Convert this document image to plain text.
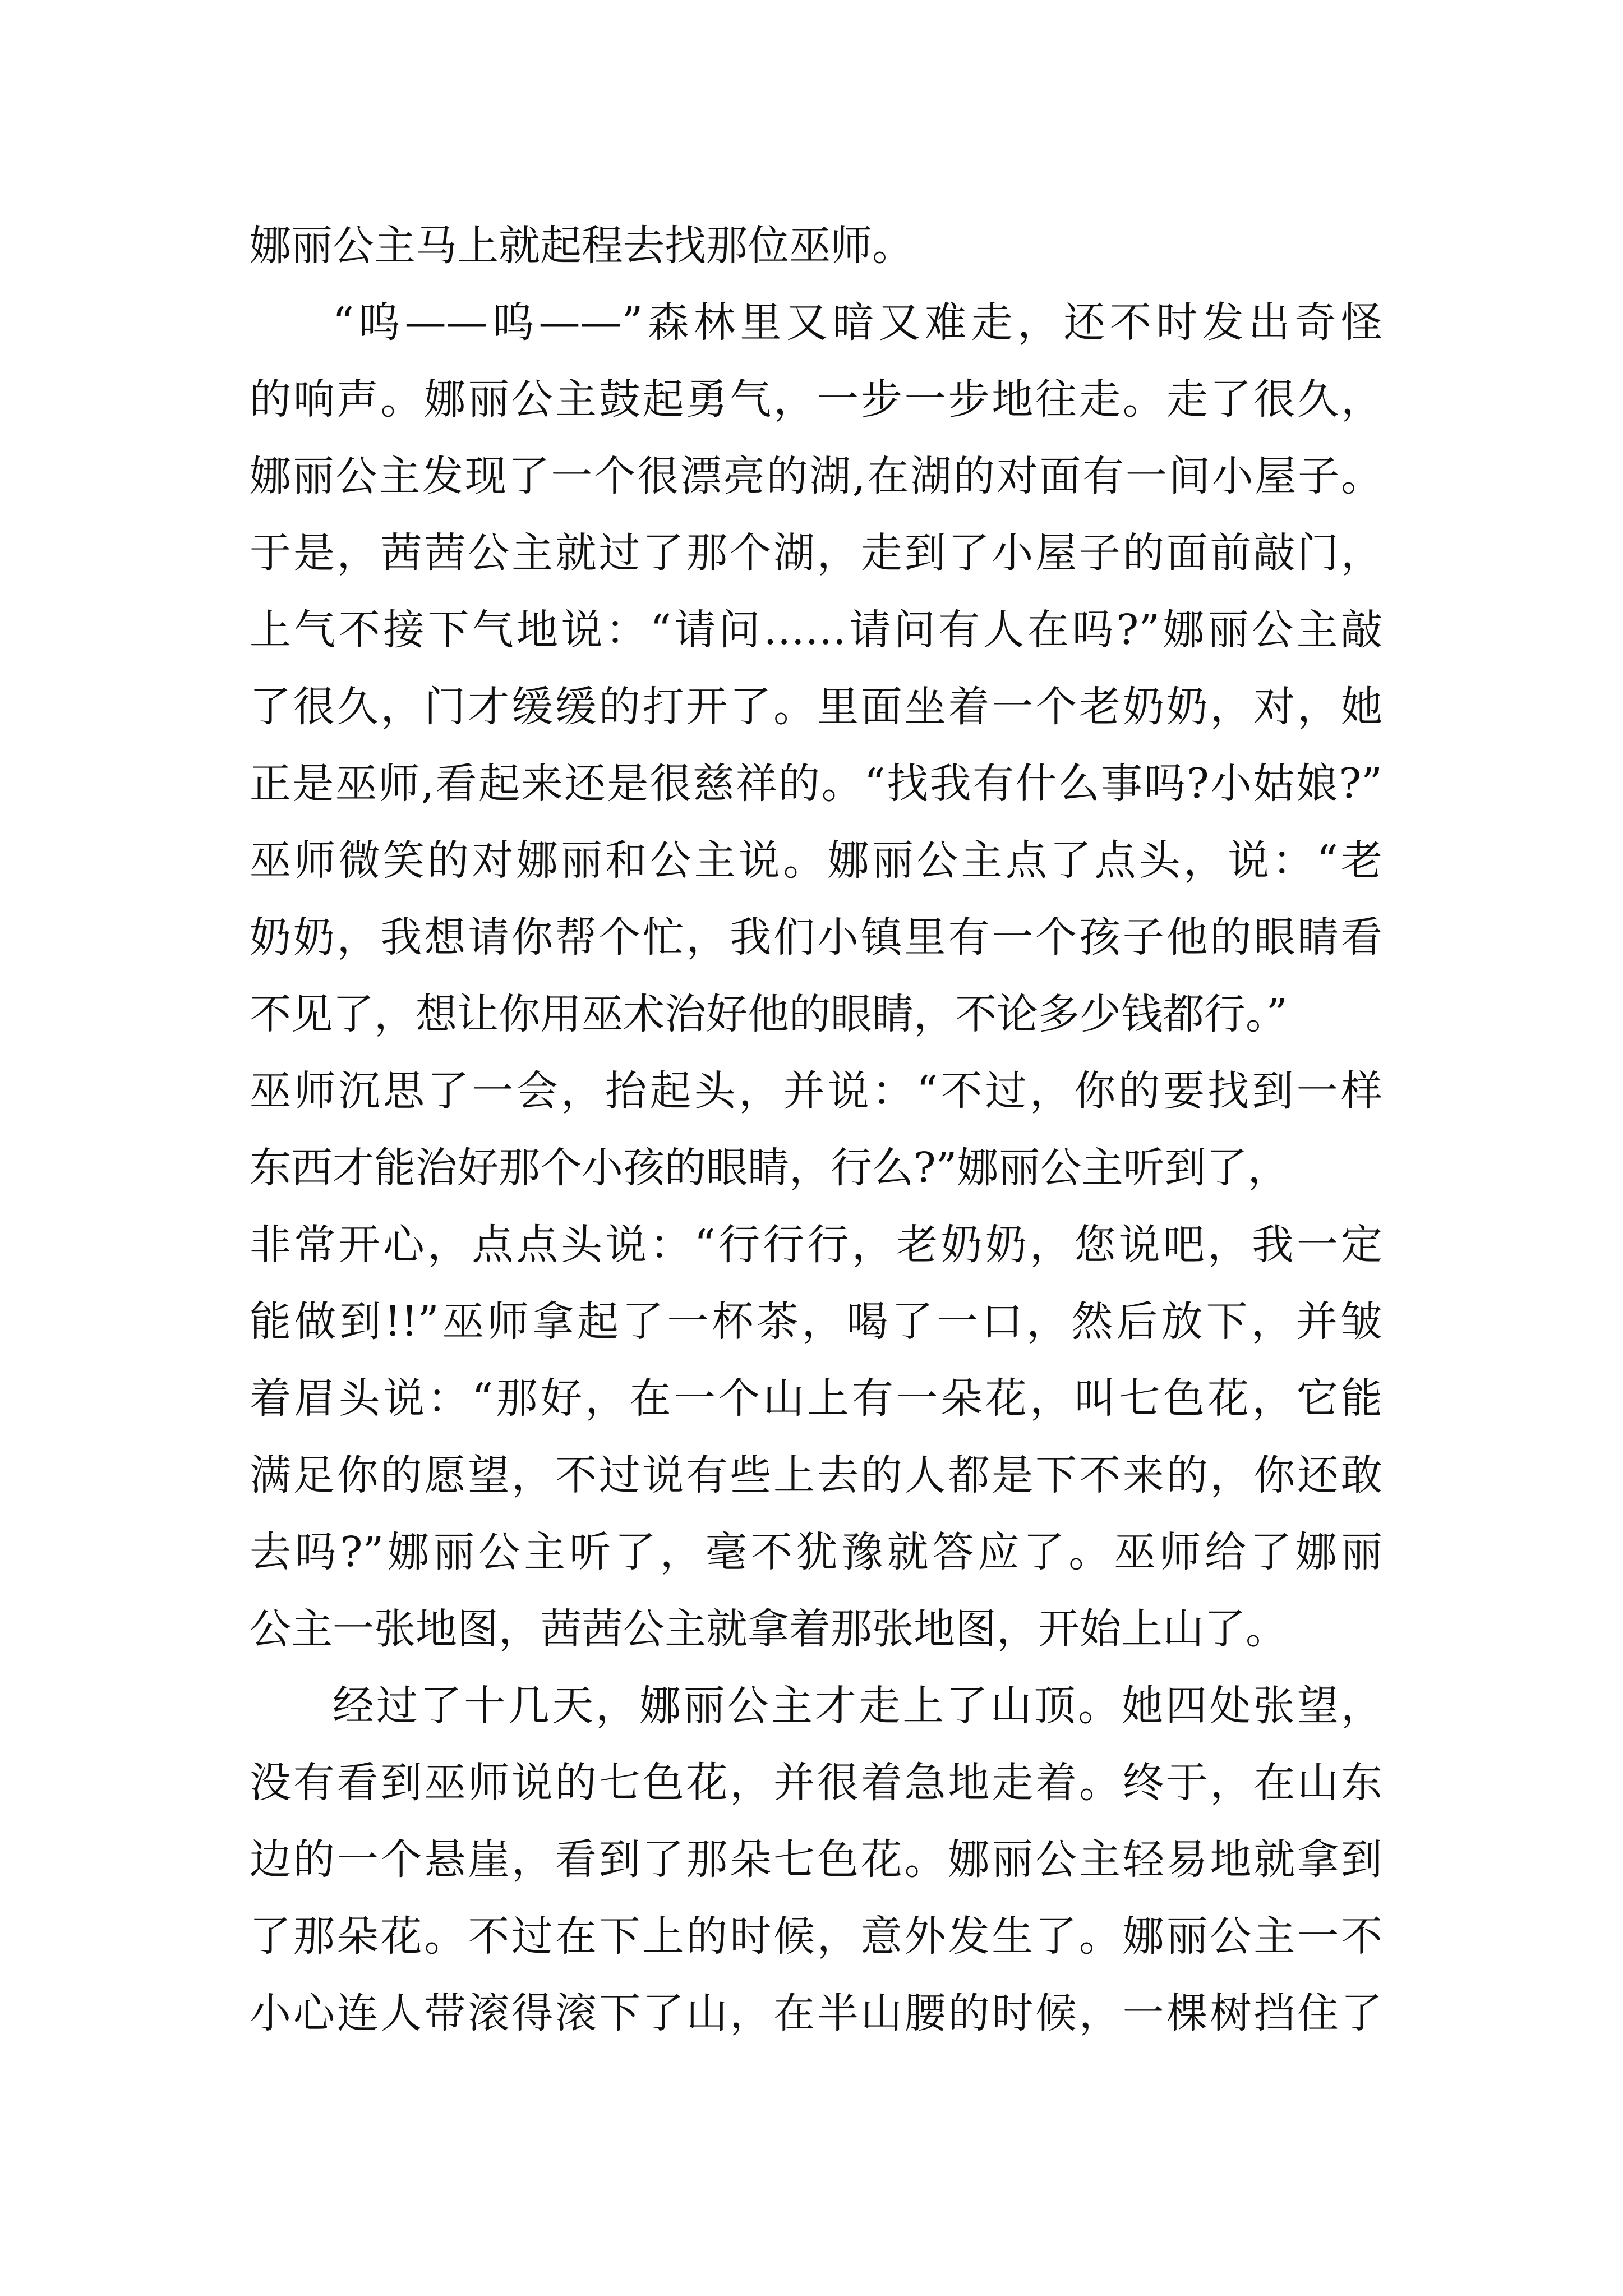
娜丽公主马上就起程去找那位巫师。
“呜——呜——”森林里又暗又难走，还不时发出奇怪
的响声。娜丽公主鼓起勇气，一步一步地往走。走了很久，
娜丽公主发现了一个很漂亮的湖,在湖的对面有一间小屋子。
于是，茜茜公主就过了那个湖，走到了小屋子的面前敲门，
上气不接下气地说：“请问……请问有人在吗?”娜丽公主敲
了很久，门才缓缓的打开了。里面坐着一个老奶奶，对，她
正是巫师,看起来还是很慈祥的。“找我有什么事吗?小姑娘?”
巫师微笑的对娜丽和公主说。娜丽公主点了点头，说：“老
奶奶，我想请你帮个忙，我们小镇里有一个孩子他的眼睛看
不见了，想让你用巫术治好他的眼睛，不论多少钱都行。”
巫师沉思了一会，抬起头，并说：“不过，你的要找到一样
东西才能治好那个小孩的眼睛，行么?”娜丽公主听到了，
非常开心，点点头说：“行行行，老奶奶，您说吧，我一定
能做到!!”巫师拿起了一杯茶，喝了一口，然后放下，并皱
着眉头说：“那好，在一个山上有一朵花，叫七色花，它能
满足你的愿望，不过说有些上去的人都是下不来的，你还敢
去吗?”娜丽公主听了，毫不犹豫就答应了。巫师给了娜丽
公主一张地图，茜茜公主就拿着那张地图，开始上山了。
经过了十几天，娜丽公主才走上了山顶。她四处张望，
没有看到巫师说的七色花，并很着急地走着。终于，在山东
边的一个悬崖，看到了那朵七色花。娜丽公主轻易地就拿到
了那朵花。不过在下上的时候，意外发生了。娜丽公主一不
小心连人带滚得滚下了山，在半山腰的时候，一棵树挡住了
